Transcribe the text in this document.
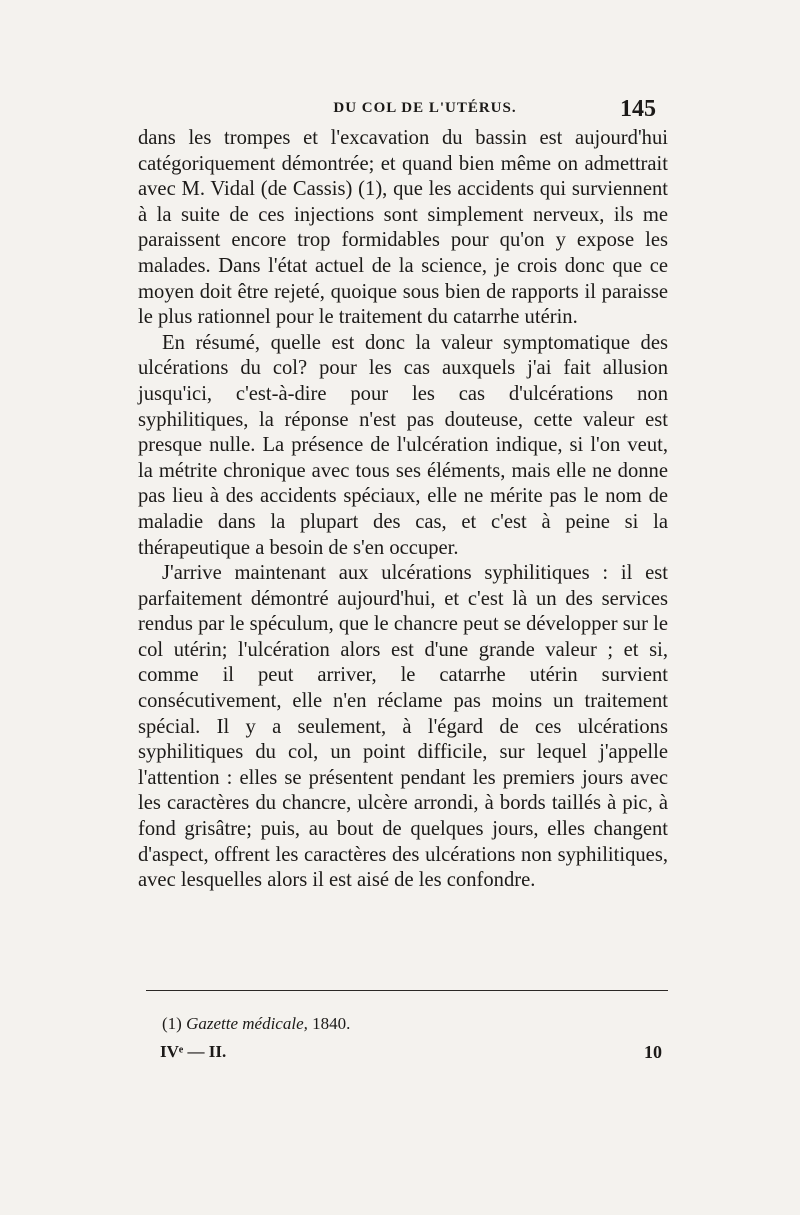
DU COL DE L'UTÉRUS.	145

dans les trompes et l'excavation du bassin est aujourd'hui catégoriquement démontrée; et quand bien même on admettrait avec M. Vidal (de Cassis) (1), que les accidents qui surviennent à la suite de ces injections sont simplement nerveux, ils me paraissent encore trop formidables pour qu'on y expose les malades. Dans l'état actuel de la science, je crois donc que ce moyen doit être rejeté, quoique sous bien de rapports il paraisse le plus rationnel pour le traitement du catarrhe utérin.

En résumé, quelle est donc la valeur symptomatique des ulcérations du col? pour les cas auxquels j'ai fait allusion jusqu'ici, c'est-à-dire pour les cas d'ulcérations non syphilitiques, la réponse n'est pas douteuse, cette valeur est presque nulle. La présence de l'ulcération indique, si l'on veut, la métrite chronique avec tous ses éléments, mais elle ne donne pas lieu à des accidents spéciaux, elle ne mérite pas le nom de maladie dans la plupart des cas, et c'est à peine si la thérapeutique a besoin de s'en occuper.

J'arrive maintenant aux ulcérations syphilitiques : il est parfaitement démontré aujourd'hui, et c'est là un des services rendus par le spéculum, que le chancre peut se développer sur le col utérin; l'ulcération alors est d'une grande valeur ; et si, comme il peut arriver, le catarrhe utérin survient consécutivement, elle n'en réclame pas moins un traitement spécial. Il y a seulement, à l'égard de ces ulcérations syphilitiques du col, un point difficile, sur lequel j'appelle l'attention : elles se présentent pendant les premiers jours avec les caractères du chancre, ulcère arrondi, à bords taillés à pic, à fond grisâtre; puis, au bout de quelques jours, elles changent d'aspect, offrent les caractères des ulcérations non syphilitiques, avec lesquelles alors il est aisé de les confondre.

(1) Gazette médicale, 1840.
IVᵉ — II.	10
